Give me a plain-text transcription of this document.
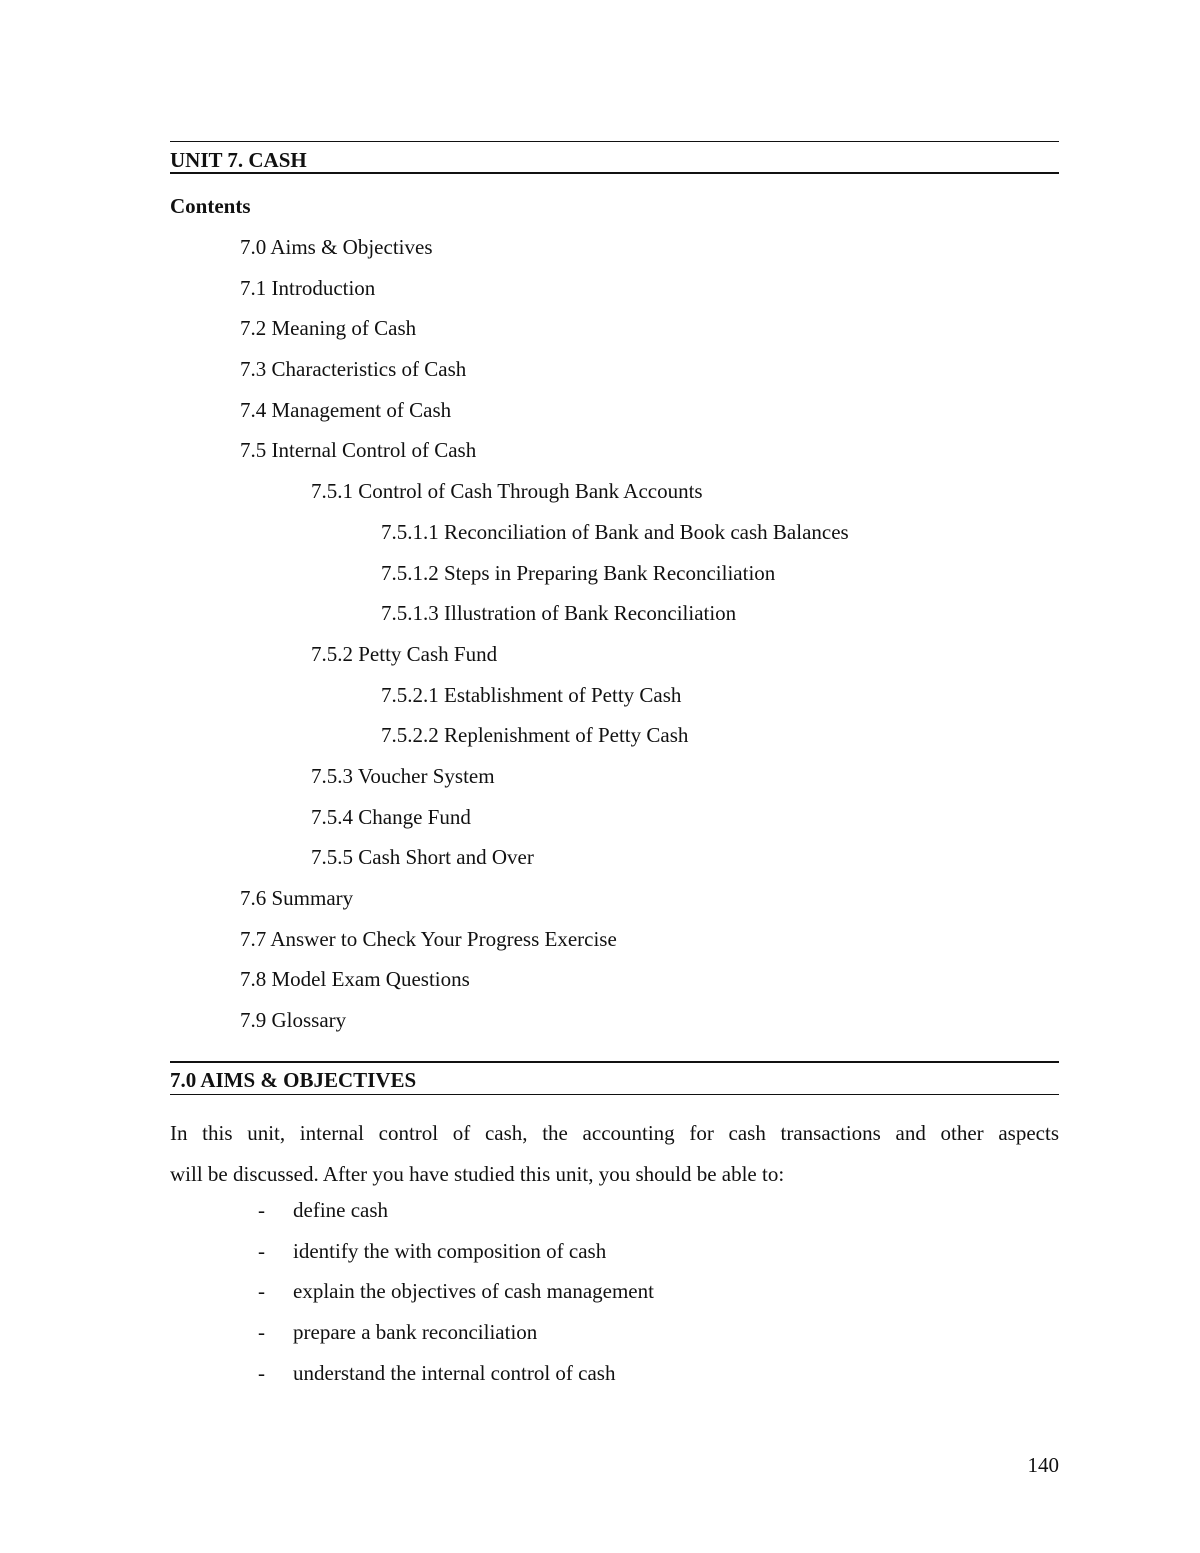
UNIT 7. CASH
Contents
7.0 Aims & Objectives
7.1 Introduction
7.2 Meaning of Cash
7.3 Characteristics of Cash
7.4 Management of Cash
7.5 Internal Control of Cash
7.5.1 Control of Cash Through Bank Accounts
7.5.1.1 Reconciliation of Bank and Book cash Balances
7.5.1.2 Steps in Preparing Bank Reconciliation
7.5.1.3 Illustration of Bank Reconciliation
7.5.2 Petty Cash Fund
7.5.2.1 Establishment of Petty Cash
7.5.2.2 Replenishment of Petty Cash
7.5.3 Voucher System
7.5.4 Change Fund
7.5.5 Cash Short and Over
7.6 Summary
7.7 Answer to Check Your Progress Exercise
7.8 Model Exam Questions
7.9 Glossary
7.0 AIMS & OBJECTIVES

In this unit, internal control of cash, the accounting for cash transactions and other aspects
will be discussed. After you have studied this unit, you should be able to:

- define cash
- identify the with composition of cash
- explain the objectives of cash management
- prepare a bank reconciliation
- understand the internal control of cash
140
